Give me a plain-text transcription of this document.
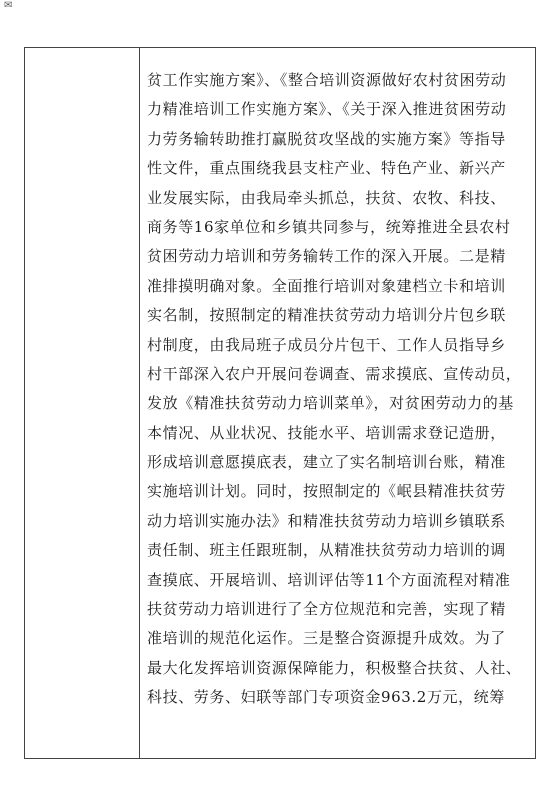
✉
贫工作实施方案》、《整合培训资源做好农村贫困劳动
力精准培训工作实施方案》、《关于深入推进贫困劳动
力劳务输转助推打赢脱贫攻坚战的实施方案》等指导
性文件，重点围绕我县支柱产业、特色产业、新兴产
业发展实际，由我局牵头抓总，扶贫、农牧、科技、
商务等16家单位和乡镇共同参与，统筹推进全县农村
贫困劳动力培训和劳务输转工作的深入开展。二是精
准排摸明确对象。全面推行培训对象建档立卡和培训
实名制，按照制定的精准扶贫劳动力培训分片包乡联
村制度，由我局班子成员分片包干、工作人员指导乡
村干部深入农户开展问卷调查、需求摸底、宣传动员，
发放《精准扶贫劳动力培训菜单》，对贫困劳动力的基
本情况、从业状况、技能水平、培训需求登记造册，
形成培训意愿摸底表，建立了实名制培训台账，精准
实施培训计划。同时，按照制定的《岷县精准扶贫劳
动力培训实施办法》和精准扶贫劳动力培训乡镇联系
责任制、班主任跟班制，从精准扶贫劳动力培训的调
查摸底、开展培训、培训评估等11个方面流程对精准
扶贫劳动力培训进行了全方位规范和完善，实现了精
准培训的规范化运作。三是整合资源提升成效。为了
最大化发挥培训资源保障能力，积极整合扶贫、人社、
科技、劳务、妇联等部门专项资金963.2万元，统筹
